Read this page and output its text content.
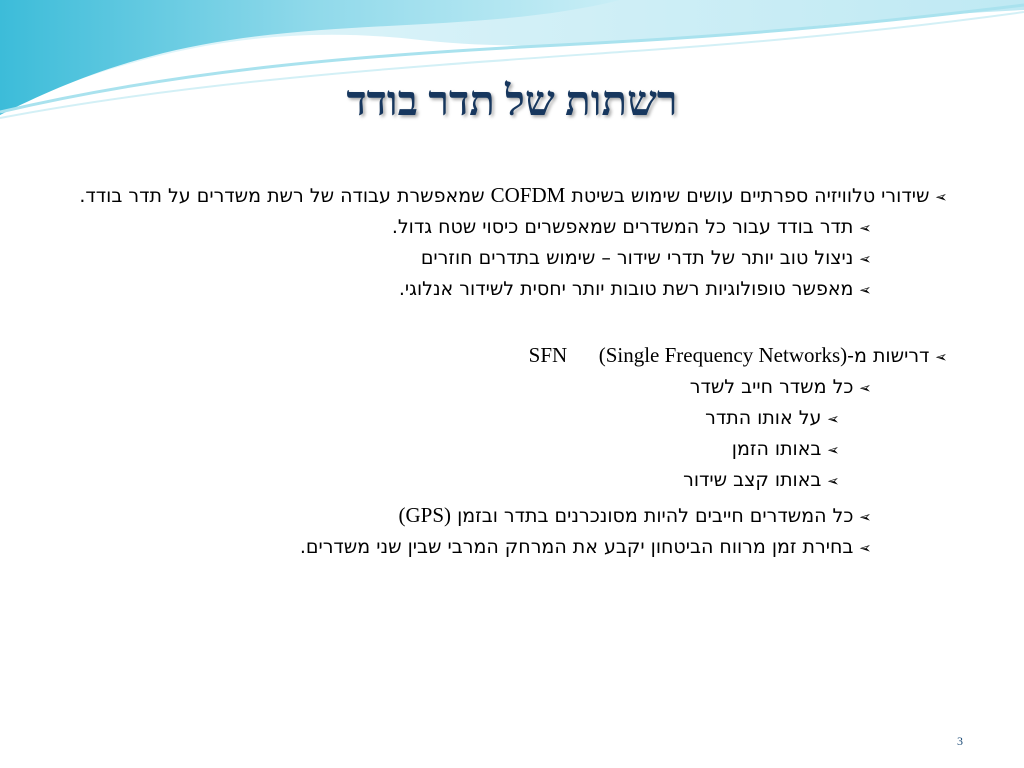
רשתות של תדר בודד
➢שידורי טלוויזיה ספרתיים עושים שימוש בשיטת COFDM שמאפשרת עבודה של רשת משדרים על תדר בודד.
➢תדר בודד עבור כל המשדרים שמאפשרים כיסוי שטח גדול.
➢ניצול טוב יותר של תדרי שידור – שימוש בתדרים חוזרים
➢מאפשר טופולוגיות רשת טובות יותר יחסית לשידור אנלוגי.
➢דרישות מ-SFN      (Single Frequency Networks)
➢כל משדר חייב לשדר
➢על אותו התדר
➢באותו הזמן
➢באותו קצב שידור
➢כל המשדרים חייבים להיות מסונכרנים בתדר ובזמן (GPS)
➢בחירת זמן מרווח הביטחון יקבע את המרחק המרבי שבין שני משדרים.
3
